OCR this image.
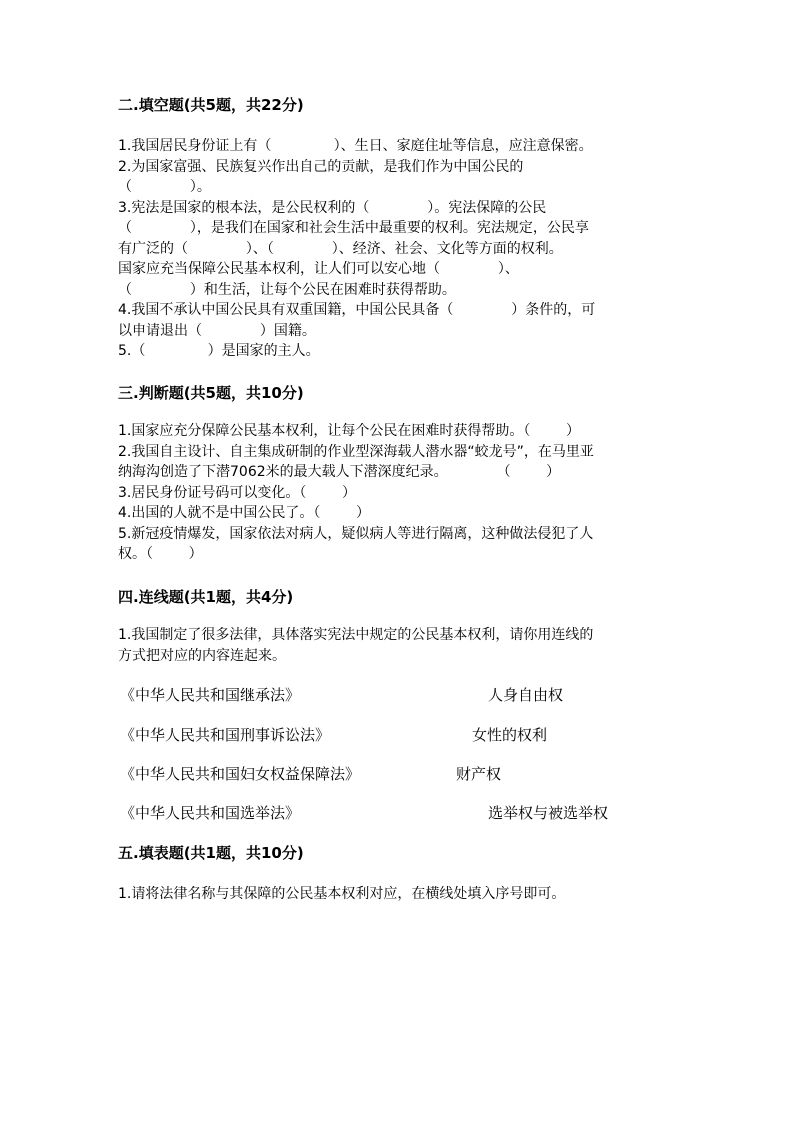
二.填空题(共5题，共22分)
1.我国居民身份证上有（              ）、生日、家庭住址等信息，应注意保密。
2.为国家富强、民族复兴作出自己的贡献，是我们作为中国公民的
（             ）。
3.宪法是国家的根本法，是公民权利的（             ）。宪法保障的公民
（             ），是我们在国家和社会生活中最重要的权利。宪法规定，公民享
有广泛的（             ）、（             ）、经济、社会、文化等方面的权利。
国家应充当保障公民基本权利，让人们可以安心地（             ）、
（             ）和生活，让每个公民在困难时获得帮助。
4.我国不承认中国公民具有双重国籍，中国公民具备（             ）条件的，可
以申请退出（             ）国籍。
5.（              ）是国家的主人。
三.判断题(共5题，共10分)
1.国家应充分保障公民基本权利，让每个公民在困难时获得帮助。（        ）
2.我国自主设计、自主集成研制的作业型深海载人潜水器“蛟龙号”，在马里亚
纳海沟创造了下潜7062米的最大载人下潜深度纪录。           （        ）
3.居民身份证号码可以变化。（        ）
4.出国的人就不是中国公民了。（        ）
5.新冠疫情爆发，国家依法对病人，疑似病人等进行隔离，这种做法侵犯了人
权。（        ）
四.连线题(共1题，共4分)
1.我国制定了很多法律，具体落实宪法中规定的公民基本权利，请你用连线的
方式把对应的内容连起来。
《中华人民共和国继承法》	人身自由权
《中华人民共和国刑事诉讼法》	女性的权利
《中华人民共和国妇女权益保障法》	财产权
《中华人民共和国选举法》	选举权与被选举权
五.填表题(共1题，共10分)
1.请将法律名称与其保障的公民基本权利对应，在横线处填入序号即可。
